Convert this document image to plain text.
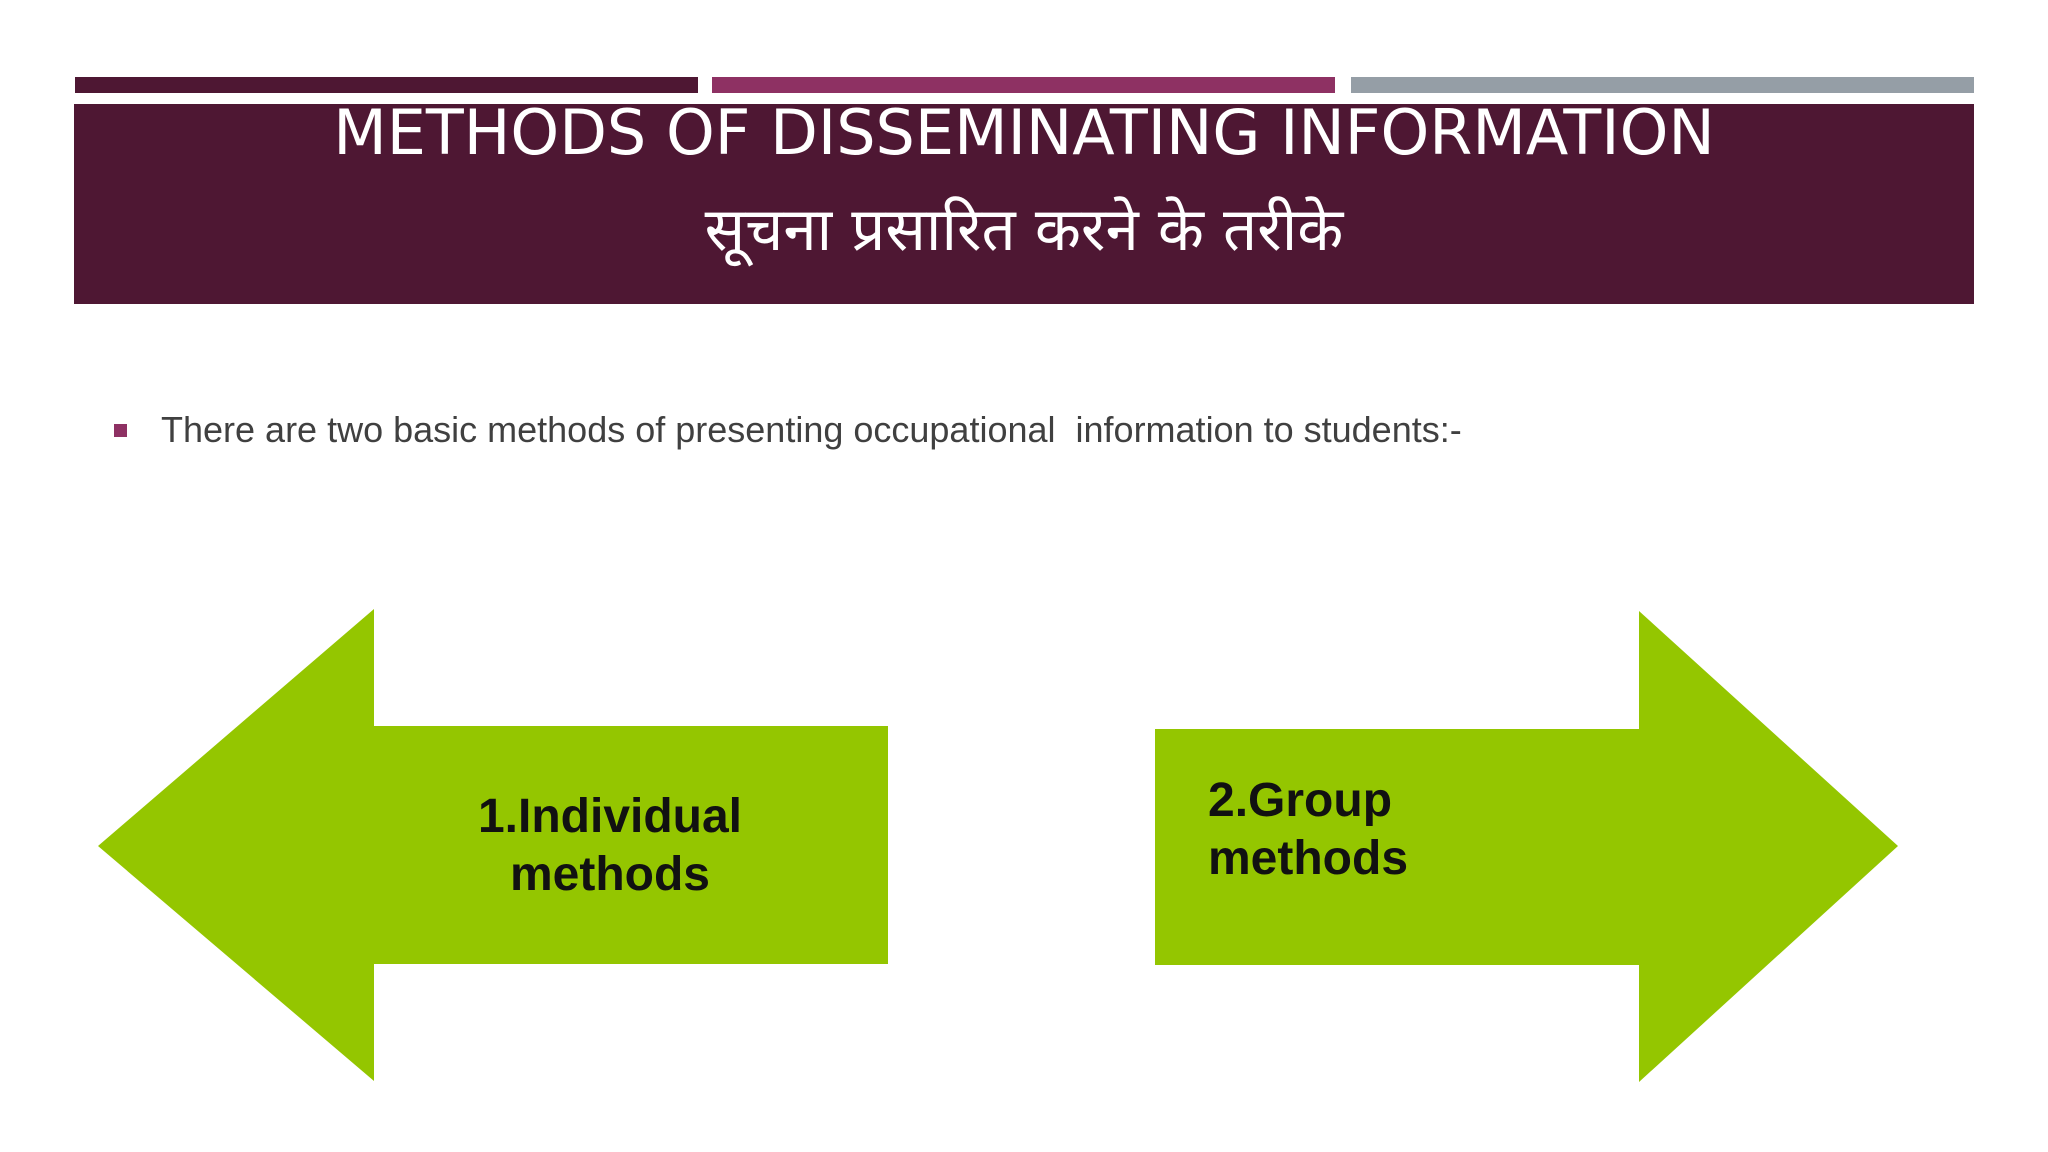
METHODS OF DISSEMINATING INFORMATION
सूचना प्रसारित करने के तरीके
There are two basic methods of presenting occupational  information to students:-
1.Individual
methods
2.Group
methods
